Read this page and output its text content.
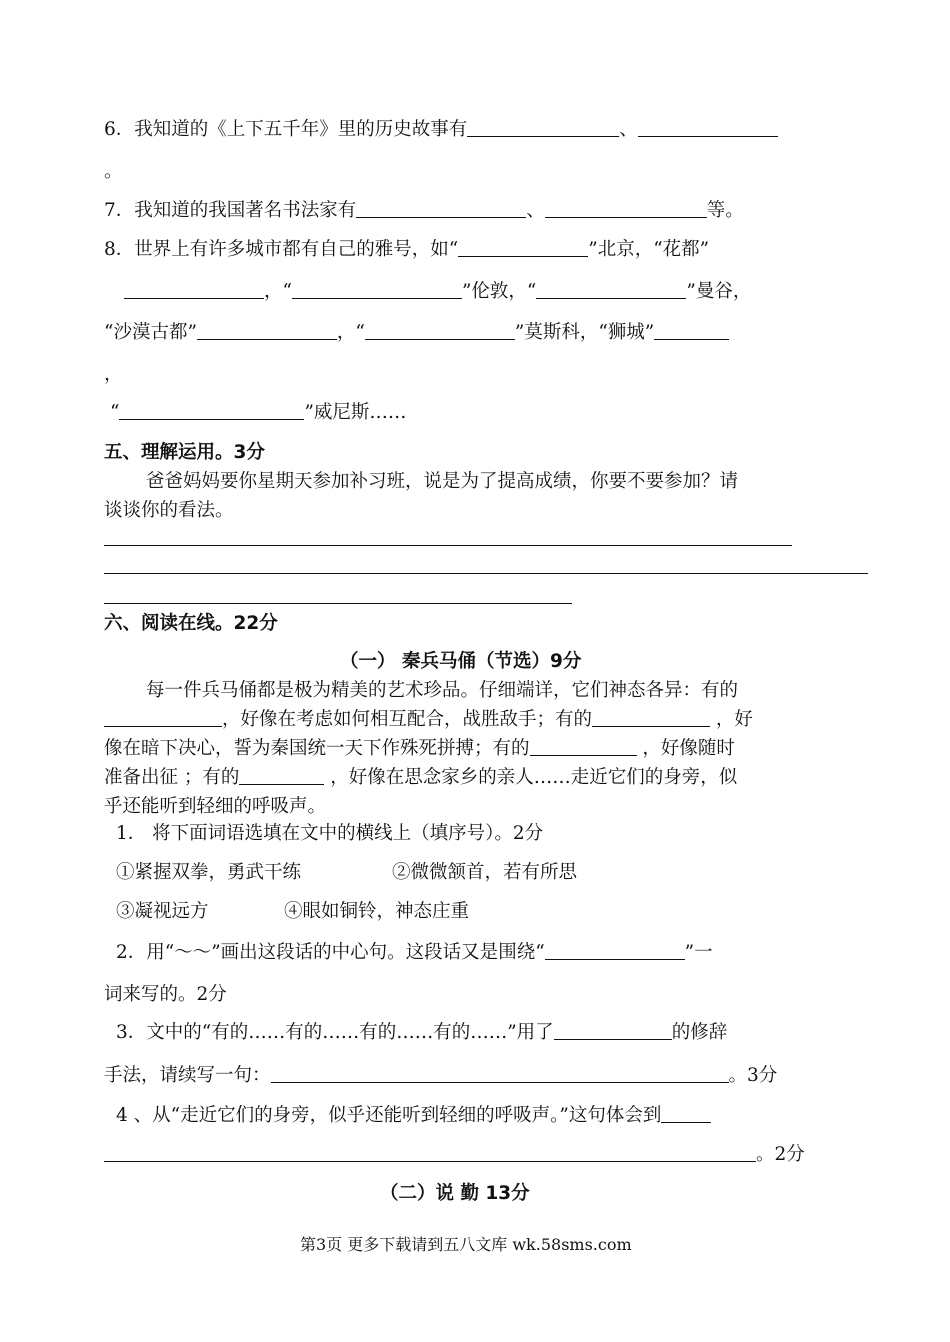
6．我知道的《上下五千年》里的历史故事有	、
。
7．我知道的我国著名书法家有	、	等。
8．世界上有许多城市都有自己的雅号，如“	”北京，“花都”
，“	”伦敦，“	”曼谷，
“沙漠古都”	，“	”莫斯科，“狮城”
，
“	”威尼斯……
五、理解运用。3分
爸爸妈妈要你星期天参加补习班，说是为了提高成绩，你要不要参加？请
谈谈你的看法。
六、阅读在线。22分
（一） 秦兵马俑（节选）9分
每一件兵马俑都是极为精美的艺术珍品。仔细端详，它们神态各异：有的
，好像在考虑如何相互配合，战胜敌手；有的	，好
像在暗下决心，誓为秦国统一天下作殊死拼搏；有的	，好像随时
准备出征 ；有的	，好像在思念家乡的亲人……走近它们的身旁，似
乎还能听到轻细的呼吸声。
1． 将下面词语选填在文中的横线上（填序号）。2分
①紧握双拳，勇武干练	②微微颔首，若有所思
③凝视远方	④眼如铜铃，神态庄重
2．用“～～”画出这段话的中心句。这段话又是围绕“	”一
词来写的。2分
3．文中的“有的……有的……有的……有的……”用了	的修辞
手法，请续写一句：	。3分
4 、从“走近它们的身旁，似乎还能听到轻细的呼吸声。”这句体会到
。2分
（二）说 勤 13分
第3页 更多下载请到五八文库 wk.58sms.com
